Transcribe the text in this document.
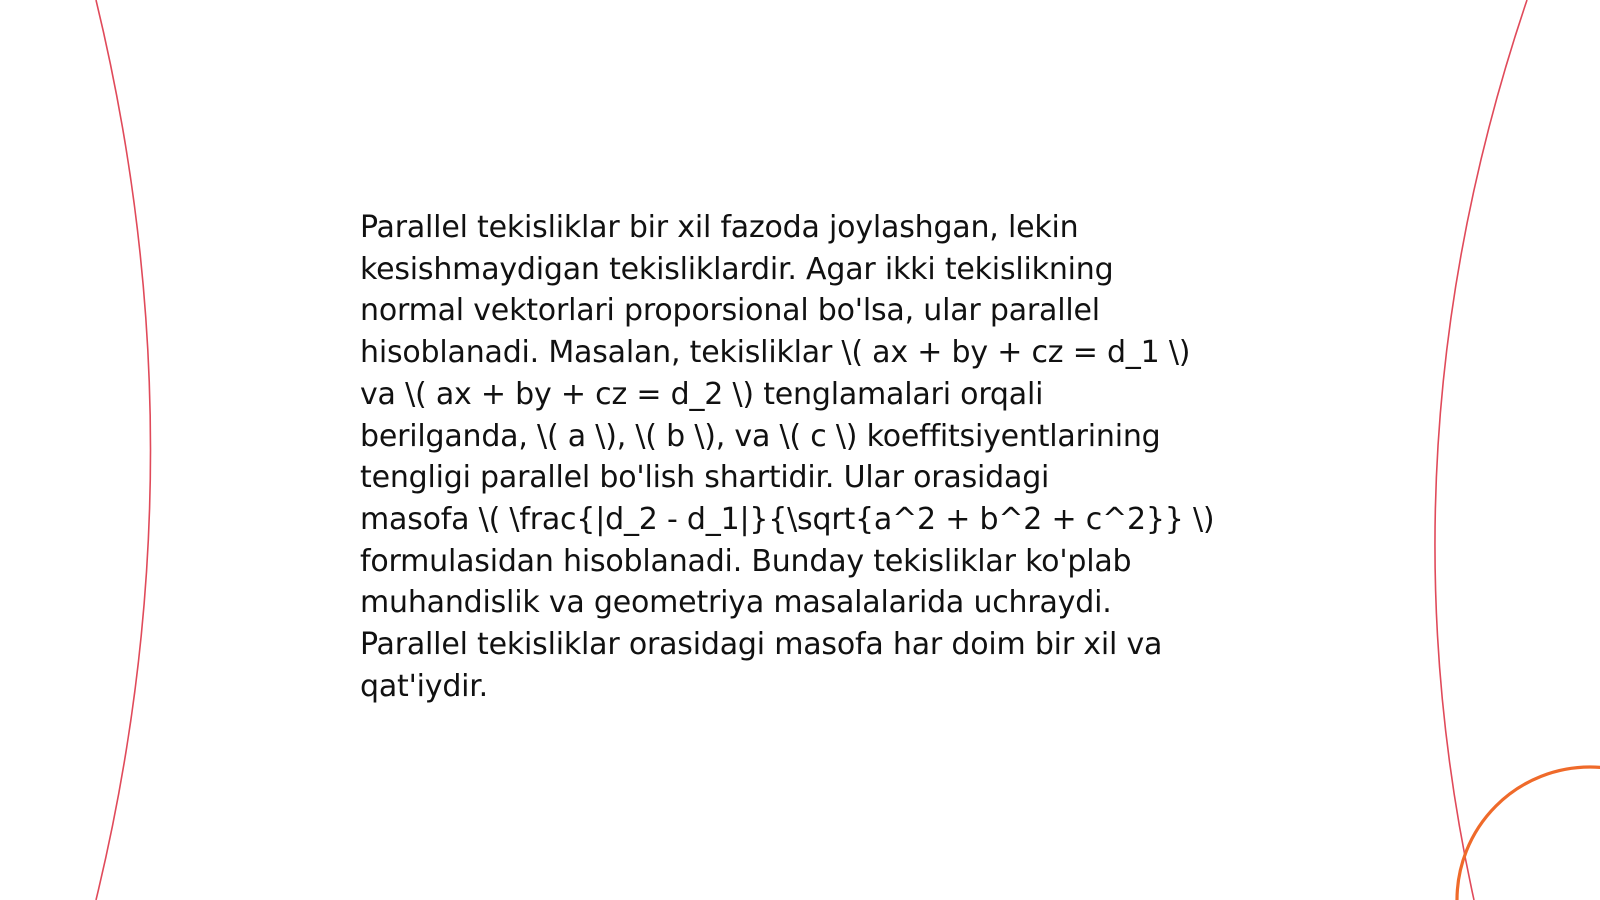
Parallel tekisliklar bir xil fazoda joylashgan, lekin
kesishmaydigan tekisliklardir. Agar ikki tekislikning
normal vektorlari proporsional bo'lsa, ular parallel
hisoblanadi. Masalan, tekisliklar \( ax + by + cz = d_1 \)
va \( ax + by + cz = d_2 \) tenglamalari orqali
berilganda, \( a \), \( b \), va \( c \) koeffitsiyentlarining
tengligi parallel bo'lish shartidir. Ular orasidagi
masofa \( \frac{|d_2 - d_1|}{\sqrt{a^2 + b^2 + c^2}} \)
formulasidan hisoblanadi. Bunday tekisliklar ko'plab
muhandislik va geometriya masalalarida uchraydi.
Parallel tekisliklar orasidagi masofa har doim bir xil va
qat'iydir.
